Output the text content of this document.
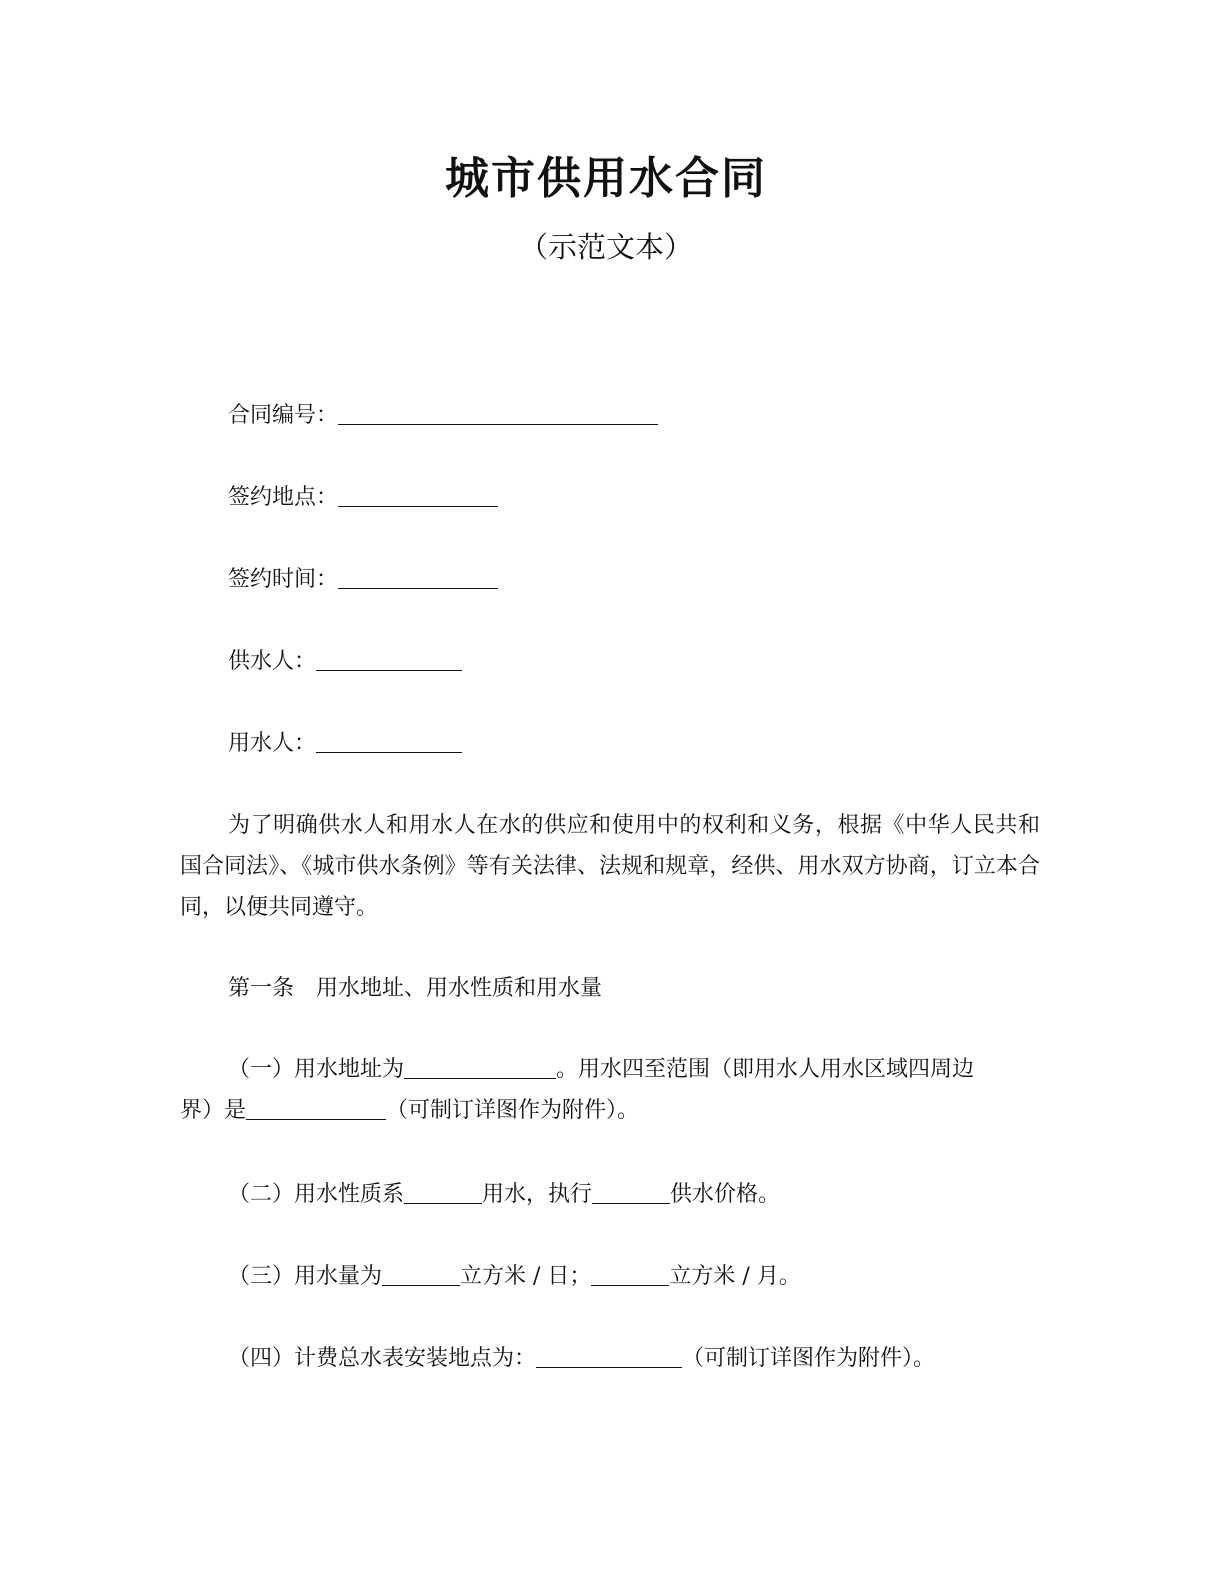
城市供用水合同
（示范文本）
合同编号：
签约地点：
签约时间：
供水人：
用水人：
为了明确供水人和用水人在水的供应和使用中的权利和义务，根据《中华人民共和国合同法》、《城市供水条例》等有关法律、法规和规章，经供、用水双方协商，订立本合同，以便共同遵守。
第一条　用水地址、用水性质和用水量
（一）用水地址为	。用水四至范围（即用水人用水区域四周边
界）是	（可制订详图作为附件）。
（二）用水性质系	用水，执行	供水价格。
（三）用水量为	立方米 / 日；	立方米 / 月。
（四）计费总水表安装地点为：	（可制订详图作为附件）。
